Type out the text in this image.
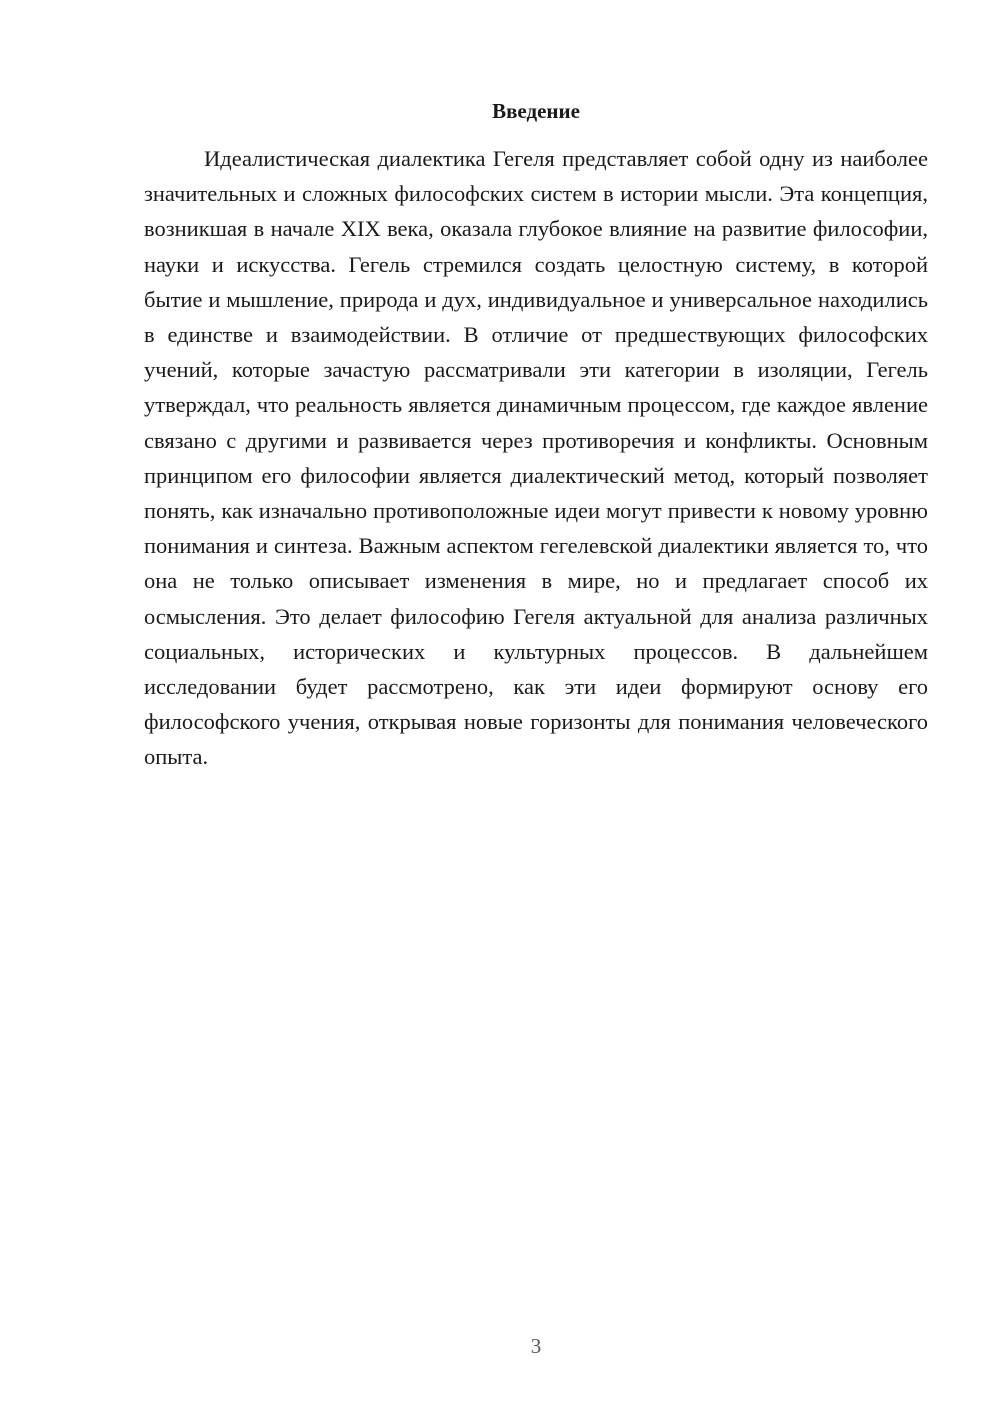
Введение

Идеалистическая диалектика Гегеля представляет собой одну из наиболее значительных и сложных философских систем в истории мысли. Эта концепция, возникшая в начале XIX века, оказала глубокое влияние на развитие философии, науки и искусства. Гегель стремился создать целостную систему, в которой бытие и мышление, природа и дух, индивидуальное и универсальное находились в единстве и взаимодействии. В отличие от предшествующих философских учений, которые зачастую рассматривали эти категории в изоляции, Гегель утверждал, что реальность является динамичным процессом, где каждое явление связано с другими и развивается через противоречия и конфликты. Основным принципом его философии является диалектический метод, который позволяет понять, как изначально противоположные идеи могут привести к новому уровню понимания и синтеза. Важным аспектом гегелевской диалектики является то, что она не только описывает изменения в мире, но и предлагает способ их осмысления. Это делает философию Гегеля актуальной для анализа различных социальных, исторических и культурных процессов. В дальнейшем исследовании будет рассмотрено, как эти идеи формируют основу его философского учения, открывая новые горизонты для понимания человеческого опыта.

3
